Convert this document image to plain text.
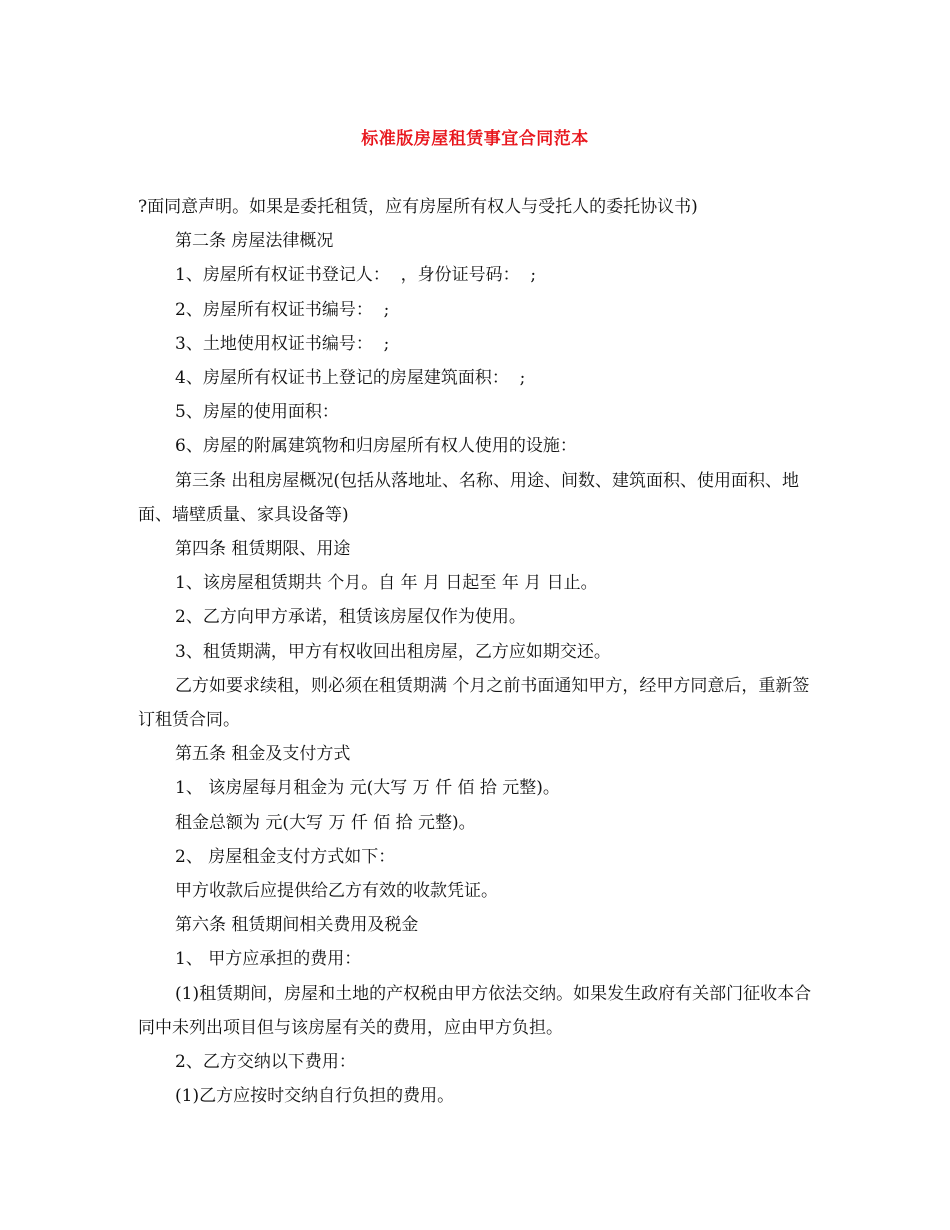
标准版房屋租赁事宜合同范本

?面同意声明。如果是委托租赁，应有房屋所有权人与受托人的委托协议书)

第二条 房屋法律概况

1、房屋所有权证书登记人：  ，身份证号码：  ;

2、房屋所有权证书编号：  ;

3、土地使用权证书编号：  ;

4、房屋所有权证书上登记的房屋建筑面积：  ;

5、房屋的使用面积：

6、房屋的附属建筑物和归房屋所有权人使用的设施：

第三条 出租房屋概况(包括从落地址、名称、用途、间数、建筑面积、使用面积、地面、墙壁质量、家具设备等)

第四条 租赁期限、用途

1、该房屋租赁期共 个月。自 年 月 日起至 年 月 日止。

2、乙方向甲方承诺，租赁该房屋仅作为使用。

3、租赁期满，甲方有权收回出租房屋，乙方应如期交还。

乙方如要求续租，则必须在租赁期满 个月之前书面通知甲方，经甲方同意后，重新签订租赁合同。

第五条 租金及支付方式

1、 该房屋每月租金为 元(大写 万 仟 佰 拾 元整)。

租金总额为 元(大写 万 仟 佰 拾 元整)。

2、 房屋租金支付方式如下：

甲方收款后应提供给乙方有效的收款凭证。

第六条 租赁期间相关费用及税金

1、 甲方应承担的费用：

(1)租赁期间，房屋和土地的产权税由甲方依法交纳。如果发生政府有关部门征收本合同中未列出项目但与该房屋有关的费用，应由甲方负担。

2、乙方交纳以下费用：

(1)乙方应按时交纳自行负担的费用。
